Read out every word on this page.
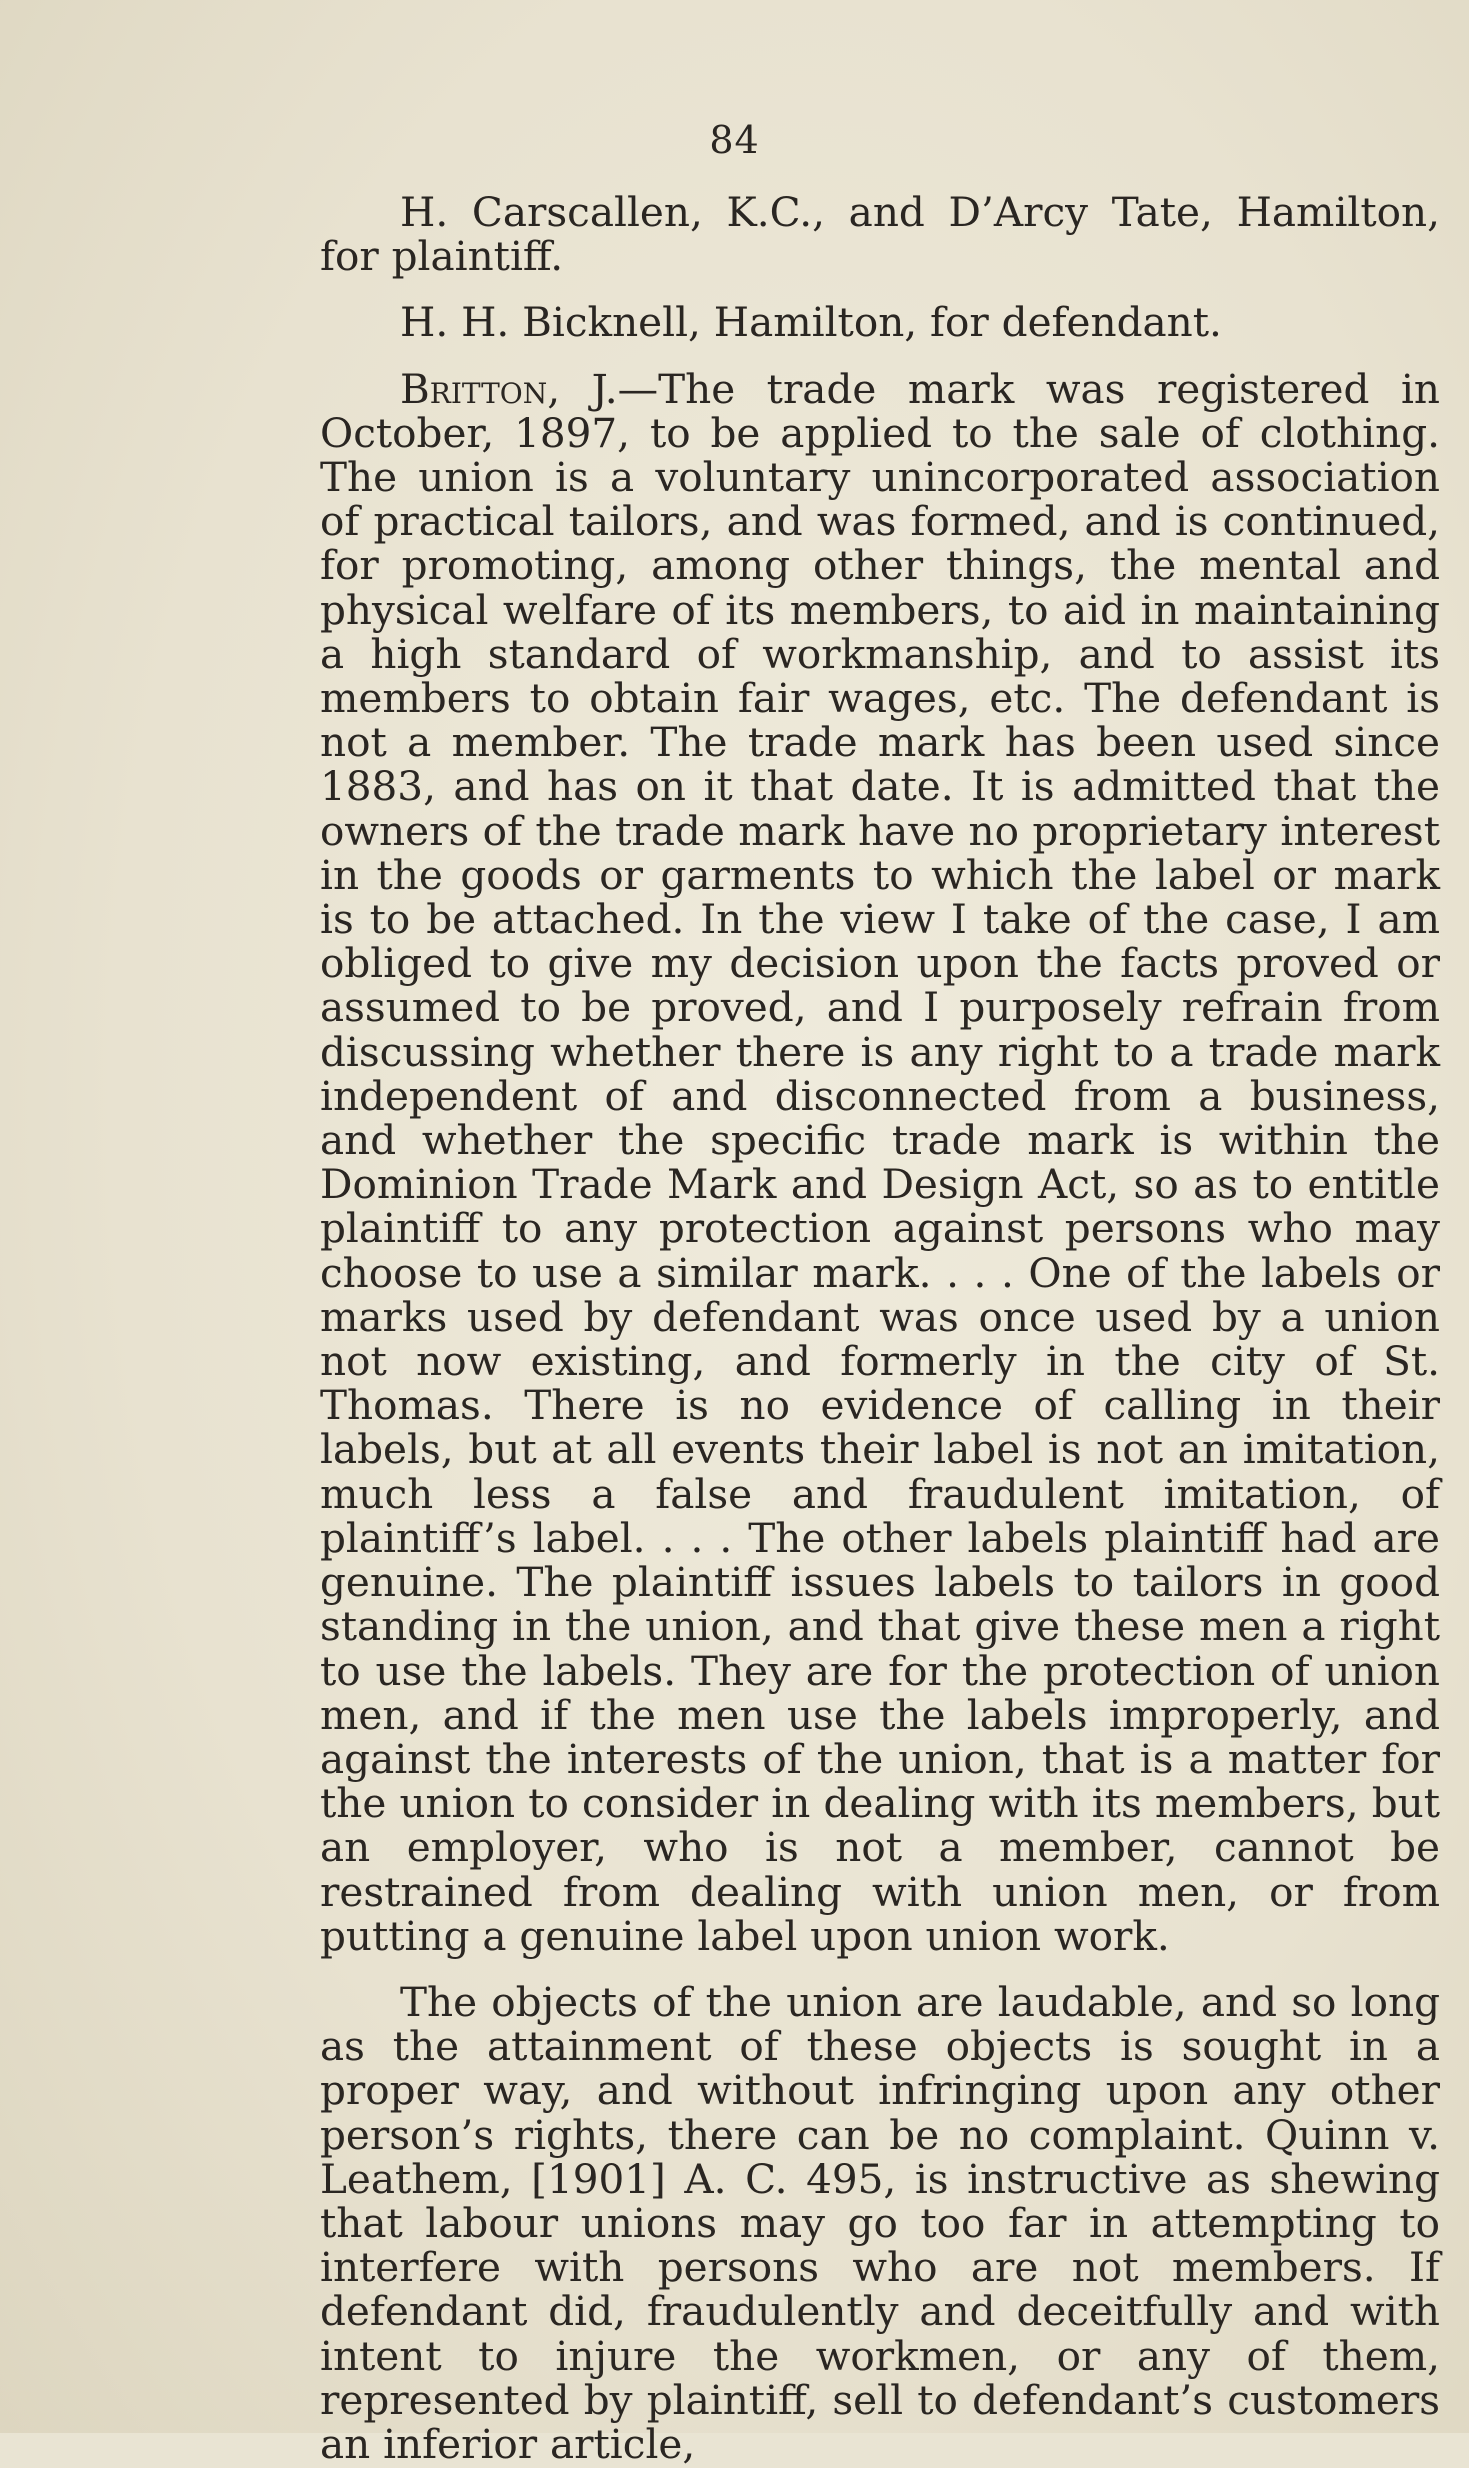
84

H. Carscallen, K.C., and D’Arcy Tate, Hamilton, for plaintiff.

H. H. Bicknell, Hamilton, for defendant.

Britton, J.—The trade mark was registered in October, 1897, to be applied to the sale of clothing. The union is a voluntary unincorporated association of practical tailors, and was formed, and is continued, for promoting, among other things, the mental and physical welfare of its members, to aid in maintaining a high standard of workmanship, and to assist its members to obtain fair wages, etc. The defendant is not a member. The trade mark has been used since 1883, and has on it that date. It is admitted that the owners of the trade mark have no proprietary interest in the goods or garments to which the label or mark is to be attached. In the view I take of the case, I am obliged to give my decision upon the facts proved or assumed to be proved, and I purposely refrain from discussing whether there is any right to a trade mark independent of and disconnected from a business, and whether the specific trade mark is within the Dominion Trade Mark and Design Act, so as to entitle plaintiff to any protection against persons who may choose to use a similar mark. . . . One of the labels or marks used by defendant was once used by a union not now existing, and formerly in the city of St. Thomas. There is no evidence of calling in their labels, but at all events their label is not an imitation, much less a false and fraudulent imitation, of plaintiff’s label. . . . The other labels plaintiff had are genuine. The plaintiff issues labels to tailors in good standing in the union, and that give these men a right to use the labels. They are for the protection of union men, and if the men use the labels improperly, and against the interests of the union, that is a matter for the union to consider in dealing with its members, but an employer, who is not a member, cannot be restrained from dealing with union men, or from putting a genuine label upon union work.

The objects of the union are laudable, and so long as the attainment of these objects is sought in a proper way, and without infringing upon any other person’s rights, there can be no complaint. Quinn v. Leathem, [1901] A. C. 495, is instructive as shewing that labour unions may go too far in attempting to interfere with persons who are not members. If defendant did, fraudulently and deceitfully and with intent to injure the workmen, or any of them, represented by plaintiff, sell to defendant’s customers an inferior article,
